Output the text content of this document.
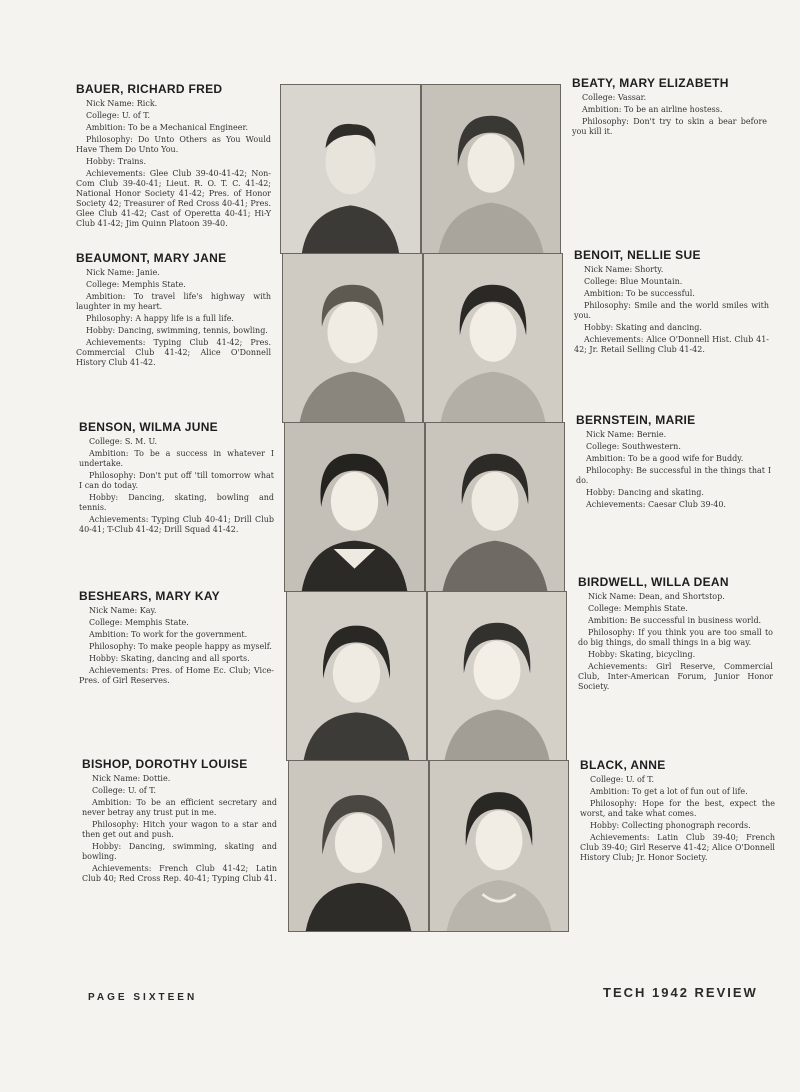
BAUER, RICHARD FRED
Nick Name: Rick.
College: U. of T.
Ambition: To be a Mechanical Engineer.
Philosophy: Do Unto Others as You Would Have Them Do Unto You.
Hobby: Trains.
Achievements: Glee Club 39-40-41-42; Non-Com Club 39-40-41; Lieut. R. O. T. C. 41-42; National Honor Society 41-42; Pres. of Honor Society 42; Treasurer of Red Cross 40-41; Pres. Glee Club 41-42; Cast of Operetta 40-41; Hi-Y Club 41-42; Jim Quinn Platoon 39-40.
BEAUMONT, MARY JANE
Nick Name: Janie.
College: Memphis State.
Ambition: To travel life's highway with laughter in my heart.
Philosophy: A happy life is a full life.
Hobby: Dancing, swimming, tennis, bowling.
Achievements: Typing Club 41-42; Pres. Commercial Club 41-42; Alice O'Donnell History Club 41-42.
BENSON, WILMA JUNE
College: S. M. U.
Ambition: To be a success in whatever I undertake.
Philosophy: Don't put off 'till tomorrow what I can do today.
Hobby: Dancing, skating, bowling and tennis.
Achievements: Typing Club 40-41; Drill Club 40-41; T-Club 41-42; Drill Squad 41-42.
BESHEARS, MARY KAY
Nick Name: Kay.
College: Memphis State.
Ambition: To work for the government.
Philosophy: To make people happy as myself.
Hobby: Skating, dancing and all sports.
Achievements: Pres. of Home Ec. Club; Vice-Pres. of Girl Reserves.
BISHOP, DOROTHY LOUISE
Nick Name: Dottie.
College: U. of T.
Ambition: To be an efficient secretary and never betray any trust put in me.
Philosophy: Hitch your wagon to a star and then get out and push.
Hobby: Dancing, swimming, skating and bowling.
Achievements: French Club 41-42; Latin Club 40; Red Cross Rep. 40-41; Typing Club 41.
BEATY, MARY ELIZABETH
College: Vassar.
Ambition: To be an airline hostess.
Philosophy: Don't try to skin a bear before you kill it.
BENOIT, NELLIE SUE
Nick Name: Shorty.
College: Blue Mountain.
Ambition: To be successful.
Philosophy: Smile and the world smiles with you.
Hobby: Skating and dancing.
Achievements: Alice O'Donnell Hist. Club 41-42; Jr. Retail Selling Club 41-42.
BERNSTEIN, MARIE
Nick Name: Bernie.
College: Southwestern.
Ambition: To be a good wife for Buddy.
Philocophy: Be successful in the things that I do.
Hobby: Dancing and skating.
Achievements: Caesar Club 39-40.
BIRDWELL, WILLA DEAN
Nick Name: Dean, and Shortstop.
College: Memphis State.
Ambition: Be successful in business world.
Philosophy: If you think you are too small to do big things, do small things in a big way.
Hobby: Skating, bicycling.
Achievements: Girl Reserve, Commercial Club, Inter-American Forum, Junior Honor Society.
BLACK, ANNE
College: U. of T.
Ambition: To get a lot of fun out of life.
Philosophy: Hope for the best, expect the worst, and take what comes.
Hobby: Collecting phonograph records.
Achievements: Latin Club 39-40; French Club 39-40; Girl Reserve 41-42; Alice O'Donnell History Club; Jr. Honor Society.
PAGE SIXTEEN	TECH 1942 REVIEW
